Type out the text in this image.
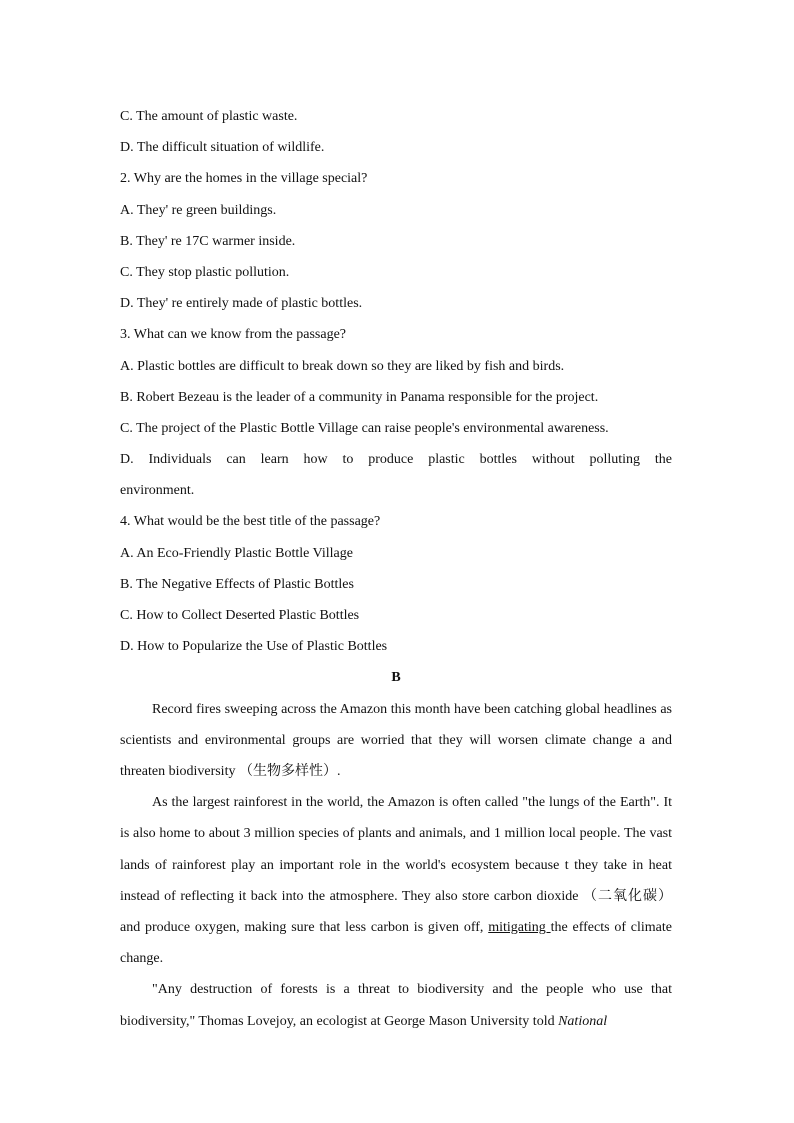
C. The amount of plastic waste.
D. The difficult situation of wildlife.
2. Why are the homes in the village special?
A. They' re green buildings.
B. They' re 17C warmer inside.
C. They stop plastic pollution.
D. They' re entirely made of plastic bottles.
3. What can we know from the passage?
A. Plastic bottles are difficult to break down so they are liked by fish and birds.
B. Robert Bezeau is the leader of a community in Panama responsible for the project.
C. The project of the Plastic Bottle Village can raise people's environmental awareness.
D. Individuals can learn how to produce plastic bottles without polluting the
environment.
4. What would be the best title of the passage?
A. An Eco-Friendly Plastic Bottle Village
B. The Negative Effects of Plastic Bottles
C. How to Collect Deserted Plastic Bottles
D. How to Popularize the Use of Plastic Bottles
B

Record fires sweeping across the Amazon this month have been catching global headlines as scientists and environmental groups are worried that they will worsen climate change a and threaten biodiversity （生物多样性）.

As the largest rainforest in the world, the Amazon is often called "the lungs of the Earth". It is also home to about 3 million species of plants and animals, and 1 million local people. The vast lands of rainforest play an important role in the world's ecosystem because t they take in heat instead of reflecting it back into the atmosphere. They also store carbon dioxide （二氧化碳） and produce oxygen, making sure that less carbon is given off, mitigating the effects of climate change.

"Any destruction of forests is a threat to biodiversity and the people who use that biodiversity," Thomas Lovejoy, an ecologist at George Mason University told National
